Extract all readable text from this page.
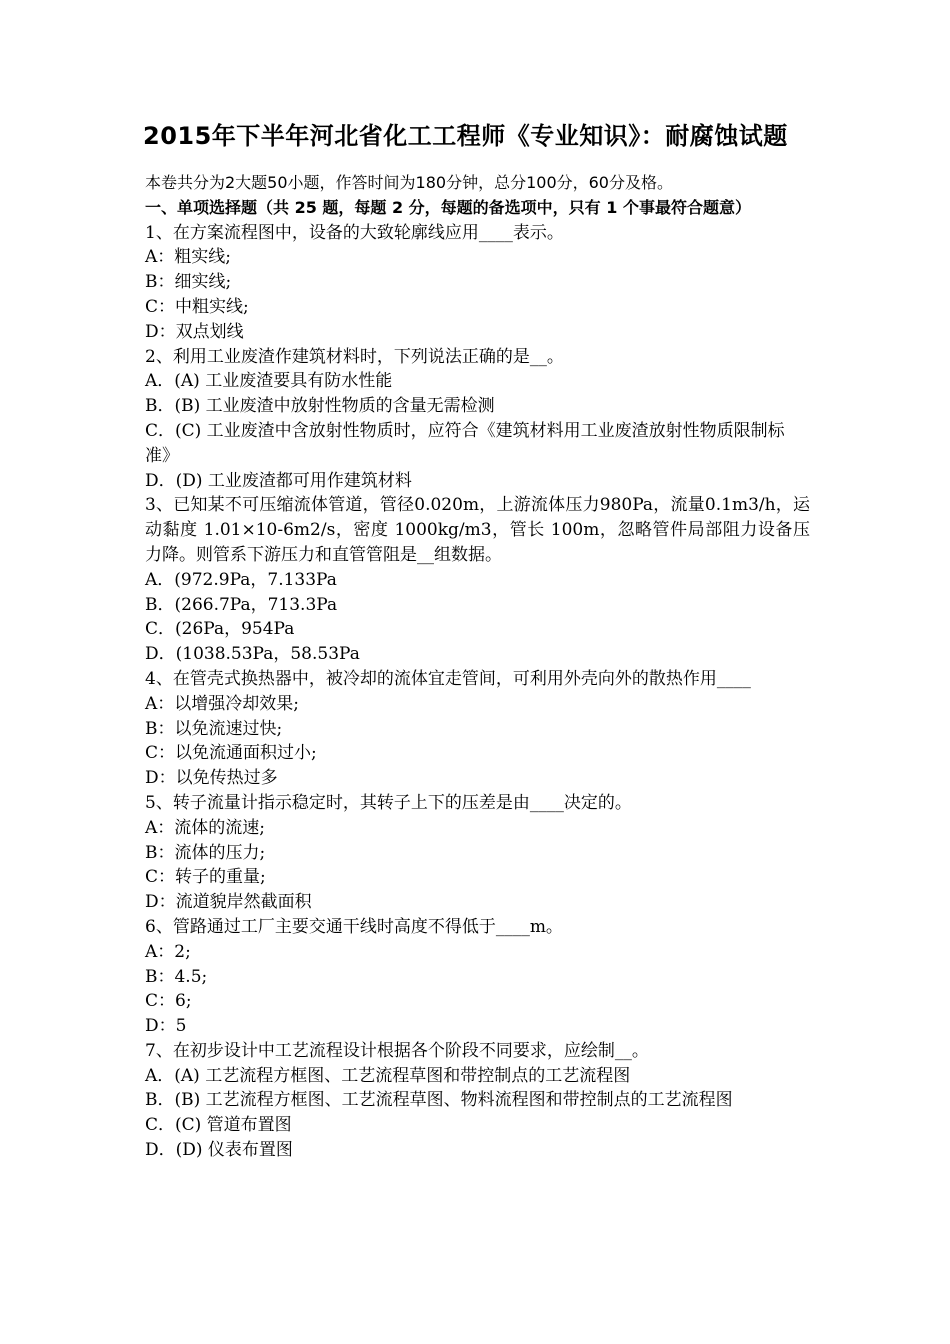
2015年下半年河北省化工工程师《专业知识》：耐腐蚀试题
本卷共分为2大题50小题，作答时间为180分钟，总分100分，60分及格。
一、单项选择题（共 25 题，每题 2 分，每题的备选项中，只有 1 个事最符合题意）
1、在方案流程图中，设备的大致轮廓线应用____表示。
A：粗实线;
B：细实线;
C：中粗实线;
D：双点划线
2、利用工业废渣作建筑材料时，下列说法正确的是__。
A．(A) 工业废渣要具有防水性能
B．(B) 工业废渣中放射性物质的含量无需检测
C．(C) 工业废渣中含放射性物质时，应符合《建筑材料用工业废渣放射性物质限制标准》
D．(D) 工业废渣都可用作建筑材料
3、已知某不可压缩流体管道，管径0.020m，上游流体压力980Pa，流量0.1m3/h，运动黏度 1.01×10-6m2/s，密度 1000kg/m3，管长 100m，忽略管件局部阻力设备压力降。则管系下游压力和直管管阻是__组数据。
A．(972.9Pa，7.133Pa
B．(266.7Pa，713.3Pa
C．(26Pa，954Pa
D．(1038.53Pa，58.53Pa
4、在管壳式换热器中，被冷却的流体宜走管间，可利用外壳向外的散热作用____
A：以增强冷却效果;
B：以免流速过快;
C：以免流通面积过小;
D：以免传热过多
5、转子流量计指示稳定时，其转子上下的压差是由____决定的。
A：流体的流速;
B：流体的压力;
C：转子的重量;
D：流道貌岸然截面积
6、管路通过工厂主要交通干线时高度不得低于____m。
A：2;
B：4.5;
C：6;
D：5
7、在初步设计中工艺流程设计根据各个阶段不同要求，应绘制__。
A．(A) 工艺流程方框图、工艺流程草图和带控制点的工艺流程图
B．(B) 工艺流程方框图、工艺流程草图、物料流程图和带控制点的工艺流程图
C．(C) 管道布置图
D．(D) 仪表布置图
